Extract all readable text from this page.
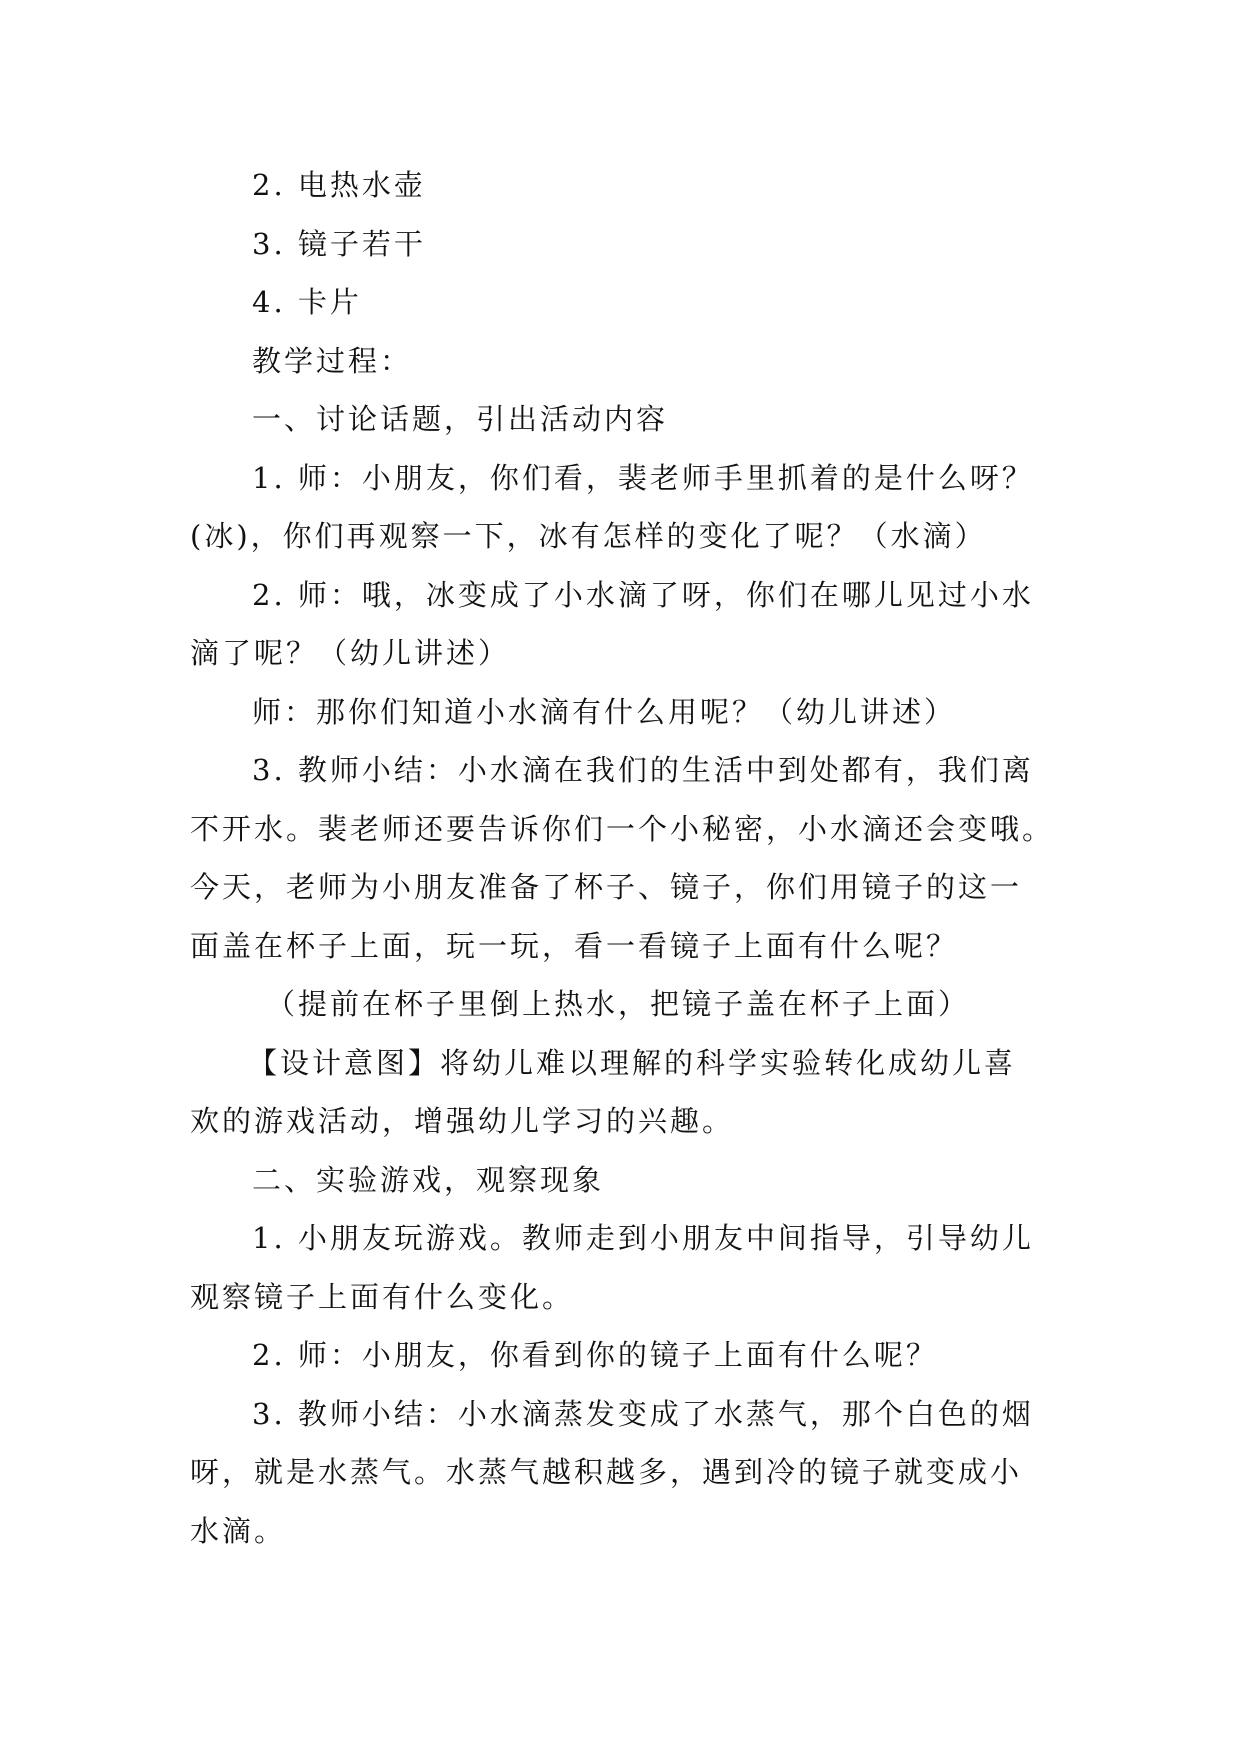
2. 电热水壶
3. 镜子若干
4. 卡片
教学过程：
一、讨论话题，引出活动内容
1. 师：小朋友，你们看，裴老师手里抓着的是什么呀？
(冰)，你们再观察一下，冰有怎样的变化了呢？（水滴）
2. 师：哦，冰变成了小水滴了呀，你们在哪儿见过小水
滴了呢？（幼儿讲述）
师：那你们知道小水滴有什么用呢？（幼儿讲述）
3. 教师小结：小水滴在我们的生活中到处都有，我们离
不开水。裴老师还要告诉你们一个小秘密，小水滴还会变哦。
今天，老师为小朋友准备了杯子、镜子，你们用镜子的这一
面盖在杯子上面，玩一玩，看一看镜子上面有什么呢？
（提前在杯子里倒上热水，把镜子盖在杯子上面）
【设计意图】将幼儿难以理解的科学实验转化成幼儿喜
欢的游戏活动，增强幼儿学习的兴趣。
二、实验游戏，观察现象
1. 小朋友玩游戏。教师走到小朋友中间指导，引导幼儿
观察镜子上面有什么变化。
2. 师：小朋友，你看到你的镜子上面有什么呢？
3. 教师小结：小水滴蒸发变成了水蒸气，那个白色的烟
呀，就是水蒸气。水蒸气越积越多，遇到冷的镜子就变成小
水滴。
